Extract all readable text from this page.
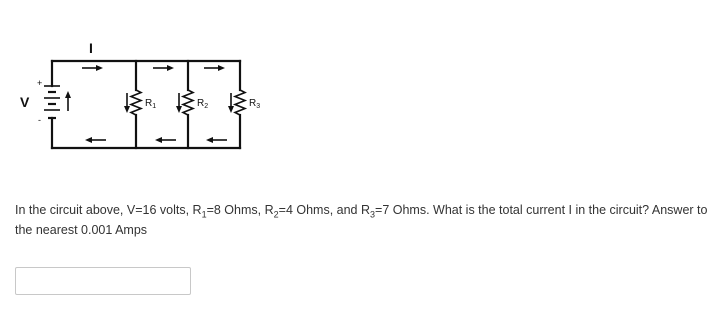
I
V
+
-
$R_1$	$R_2$	$R_3$
In the circuit above, V=16 volts, $R_1=8$ Ohms, $R_2=4$ Ohms, and $R_3=7$ Ohms. What is the total current I in the circuit? Answer to the nearest 0.001 Amps
